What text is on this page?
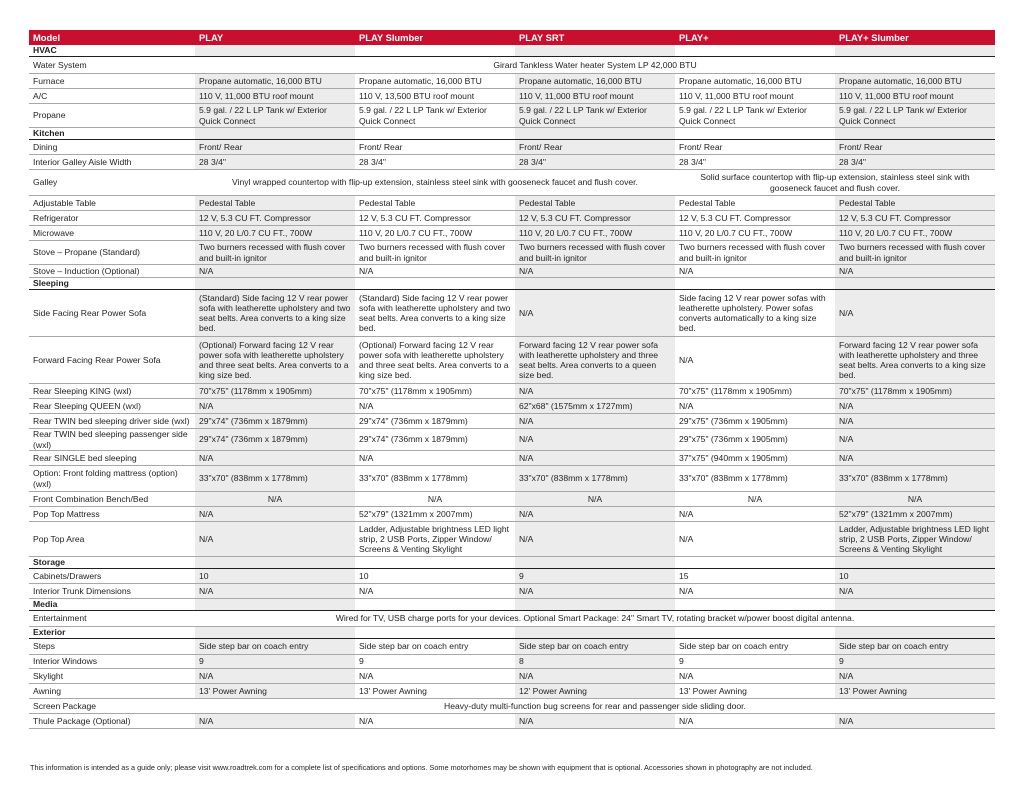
Model	PLAY	PLAY Slumber	PLAY SRT	PLAY+	PLAY+ Slumber
HVAC					
Water System	Girard Tankless Water heater System LP 42,000 BTU				
Furnace	Propane automatic, 16,000 BTU	Propane automatic, 16,000 BTU	Propane automatic, 16,000 BTU	Propane automatic, 16,000 BTU	Propane automatic, 16,000 BTU
A/C	110 V, 11,000 BTU roof mount	110 V, 13,500 BTU roof mount	110 V, 11,000 BTU roof mount	110 V, 11,000 BTU roof mount	110 V, 11,000 BTU roof mount
Propane	5.9 gal. / 22 L LP Tank w/ Exterior Quick Connect	5.9 gal. / 22 L LP Tank w/ Exterior Quick Connect	5.9 gal. / 22 L LP Tank w/ Exterior Quick Connect	5.9 gal. / 22 L LP Tank w/ Exterior Quick Connect	5.9 gal. / 22 L LP Tank w/ Exterior Quick Connect
Kitchen					
Dining	Front/ Rear	Front/ Rear	Front/ Rear	Front/ Rear	Front/ Rear
Interior Galley Aisle Width	28 3/4"	28 3/4"	28 3/4"	28 3/4"	28 3/4"
Galley	Vinyl wrapped countertop with flip-up extension, stainless steel sink with gooseneck faucet and flush cover.			Solid surface countertop with flip-up extension, stainless steel sink with gooseneck faucet and flush cover.	
Adjustable Table	Pedestal Table	Pedestal Table	Pedestal Table	Pedestal Table	Pedestal Table
Refrigerator	12 V, 5.3 CU FT. Compressor	12 V, 5.3 CU FT. Compressor	12 V, 5.3 CU FT. Compressor	12 V, 5.3 CU FT. Compressor	12 V, 5.3 CU FT. Compressor
Microwave	110 V, 20 L/0.7 CU FT., 700W	110 V, 20 L/0.7 CU FT., 700W	110 V, 20 L/0.7 CU FT., 700W	110 V, 20 L/0.7 CU FT., 700W	110 V, 20 L/0.7 CU FT., 700W
Stove – Propane (Standard)	Two burners recessed with flush cover and built-in ignitor	Two burners recessed with flush cover and built-in ignitor	Two burners recessed with flush cover and built-in ignitor	Two burners recessed with flush cover and built-in ignitor	Two burners recessed with flush cover and built-in ignitor
Stove – Induction (Optional)	N/A	N/A	N/A	N/A	N/A
Sleeping					
Side Facing Rear Power Sofa	(Standard) Side facing 12 V rear power sofa with leatherette upholstery and two seat belts. Area converts to a king size bed.	(Standard) Side facing 12 V rear power sofa with leatherette upholstery and two seat belts. Area converts to a king size bed.	N/A	Side facing 12 V rear power sofas with leatherette upholstery. Power sofas converts automatically to a king size bed.	N/A
Forward Facing Rear Power Sofa	(Optional) Forward facing 12 V rear power sofa with leatherette upholstery and three seat belts. Area converts to a king size bed.	(Optional) Forward facing 12 V rear power sofa with leatherette upholstery and three seat belts. Area converts to a king size bed.	Forward facing 12 V rear power sofa with leatherette upholstery and three seat belts. Area converts to a queen size bed.	N/A	Forward facing 12 V rear power sofa with leatherette upholstery and three seat belts. Area converts to a king size bed.
Rear Sleeping KING (wxl)	70"x75" (1178mm x 1905mm)	70"x75" (1178mm x 1905mm)	N/A	70"x75" (1178mm x 1905mm)	70"x75" (1178mm x 1905mm)
Rear Sleeping QUEEN (wxl)	N/A	N/A	62"x68" (1575mm x 1727mm)	N/A	N/A
Rear TWIN bed sleeping driver side (wxl)	29"x74" (736mm x 1879mm)	29"x74" (736mm x 1879mm)	N/A	29"x75" (736mm x 1905mm)	N/A
Rear TWIN bed sleeping passenger side (wxl)	29"x74" (736mm x 1879mm)	29"x74" (736mm x 1879mm)	N/A	29"x75" (736mm x 1905mm)	N/A
Rear SINGLE bed sleeping	N/A	N/A	N/A	37"x75" (940mm x 1905mm)	N/A
Option: Front folding mattress (option) (wxl)	33"x70" (838mm x 1778mm)	33"x70" (838mm x 1778mm)	33"x70" (838mm x 1778mm)	33"x70" (838mm x 1778mm)	33"x70" (838mm x 1778mm)
Front Combination Bench/Bed	N/A	N/A	N/A	N/A	N/A
Pop Top Mattress	N/A	52"x79" (1321mm x 2007mm)	N/A	N/A	52"x79" (1321mm x 2007mm)
Pop Top Area	N/A	Ladder, Adjustable brightness LED light strip, 2 USB Ports, Zipper Window/ Screens & Venting Skylight	N/A	N/A	Ladder, Adjustable brightness LED light strip, 2 USB Ports, Zipper Window/ Screens & Venting Skylight
Storage					
Cabinets/Drawers	10	10	9	15	10
Interior Trunk Dimensions	N/A	N/A	N/A	N/A	N/A
Media					
Entertainment	Wired for TV, USB charge ports for your devices. Optional Smart Package: 24" Smart TV, rotating bracket w/power boost digital antenna.				
Exterior					
Steps	Side step bar on coach entry	Side step bar on coach entry	Side step bar on coach entry	Side step bar on coach entry	Side step bar on coach entry
Interior Windows	9	9	8	9	9
Skylight	N/A	N/A	N/A	N/A	N/A
Awning	13' Power Awning	13' Power Awning	12' Power Awning	13' Power Awning	13' Power Awning
Screen Package	Heavy-duty multi-function bug screens for rear and passenger side sliding door.				
Thule Package (Optional)	N/A	N/A	N/A	N/A	N/A
This information is intended as a guide only; please visit www.roadtrek.com for a complete list of specifications and options. Some motorhomes may be shown with equipment that is optional. Accessories shown in photography are not included.
